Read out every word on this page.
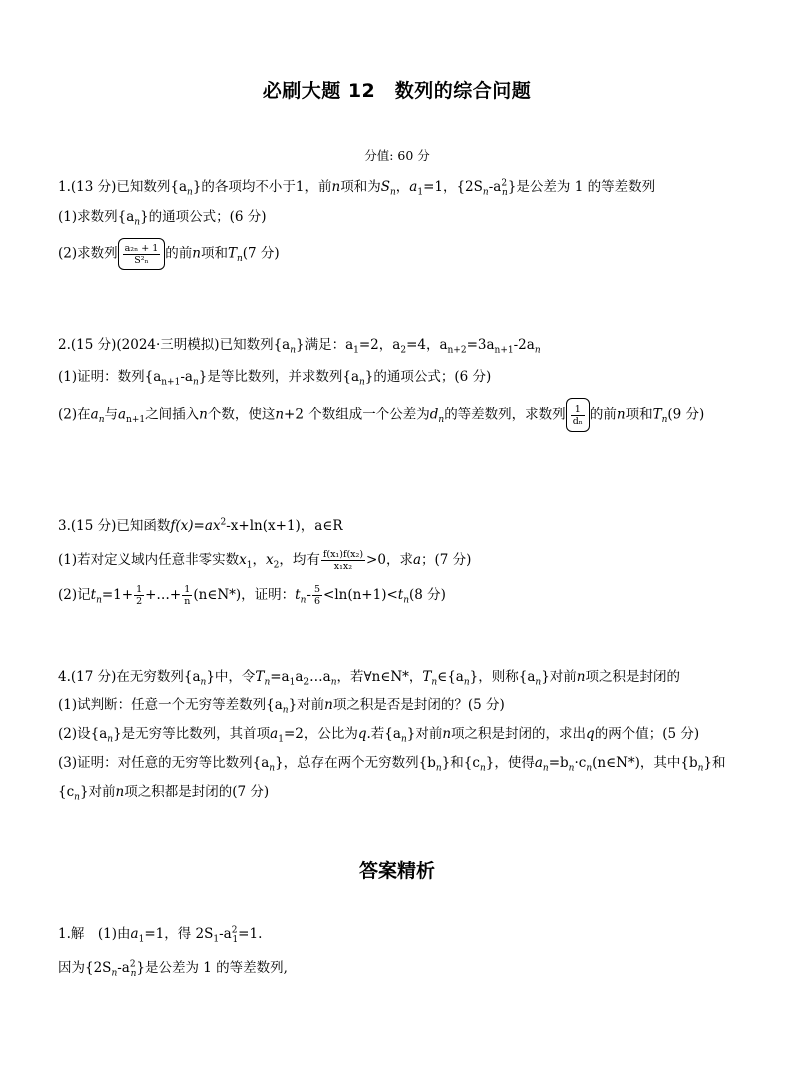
必刷大题 12　数列的综合问题
分值: 60 分
1.(13 分)已知数列$\{a_n\}$的各项均不小于1，前n项和为$S_n$，$a_1=1$，$\{2S_n-a^2_n\}$是公差为 1 的等差数列
(1)求数列$\{a_n\}$的通项公式；(6 分)
(2)求数列 $\frac{\text{a₂ₙ + 1}}{\text{S²ₙ}}$ 的前n项和$T_n(7$ 分)
2.(15 分)(2024·三明模拟)已知数列$\{a_n\}$满足：$a_1=2$，$a_2=4$，$a_{n+2}=3a_{n+1}-2a_n$
(1)证明：数列$\{a_{n+1}-a_n\}$是等比数列，并求数列$\{a_n\}$的通项公式；(6 分)
(2)在$a_n$与$a_{n+1}$之间插入n个数，使这n+2 个数组成一个公差为$d_n$的等差数列，求数列 $\frac{1}{\text{dₙ}}$ 的前n项和$T_n(9$ 分)
3.(15 分)已知函数$f(x)=ax^2-x+\ln(x+1)$，a∈R
(1)若对定义域内任意非零实数$x_1$，$x_2$，均有 $\frac{\text{f(x₁)f(x₂)}}{\text{x₁x₂}} >0$，求a；(7 分)
(2)记$t_n=1+ \frac{1}{2}$ +…+ $\frac{1}{n}$ (n∈N*)，证明：$t_n- \frac{5}{6} <\ln(n+1)<t_n(8$ 分)
4.(17 分)在无穷数列$\{a_n\}$中，令$T_n=a_1a_2\dots a_n$，若∀n∈N*，$T_n\in\{a_n\}$，则称$\{a_n\}$对前n项之积是封闭的
(1)试判断：任意一个无穷等差数列$\{a_n\}$对前n项之积是否是封闭的？(5 分)
(2)设$\{a_n\}$是无穷等比数列，其首项$a_1=2$，公比为q.若$\{a_n\}$对前n项之积是封闭的，求出q的两个值；(5 分)
(3)证明：对任意的无穷等比数列$\{a_n\}$，总存在两个无穷数列$\{b_n\}$和$\{c_n\}$，使得$a_n=b_n\cdot c_n(n\in N*)$，其中$\{b_n\}$和
$\{c_n\}$对前n项之积都是封闭的(7 分)
答案精析
1.解　(1)由$a_1=1$，得 $2S_1-a^2_1=1$.
因为$\{2S_n-a^2_n\}$是公差为 1 的等差数列,
